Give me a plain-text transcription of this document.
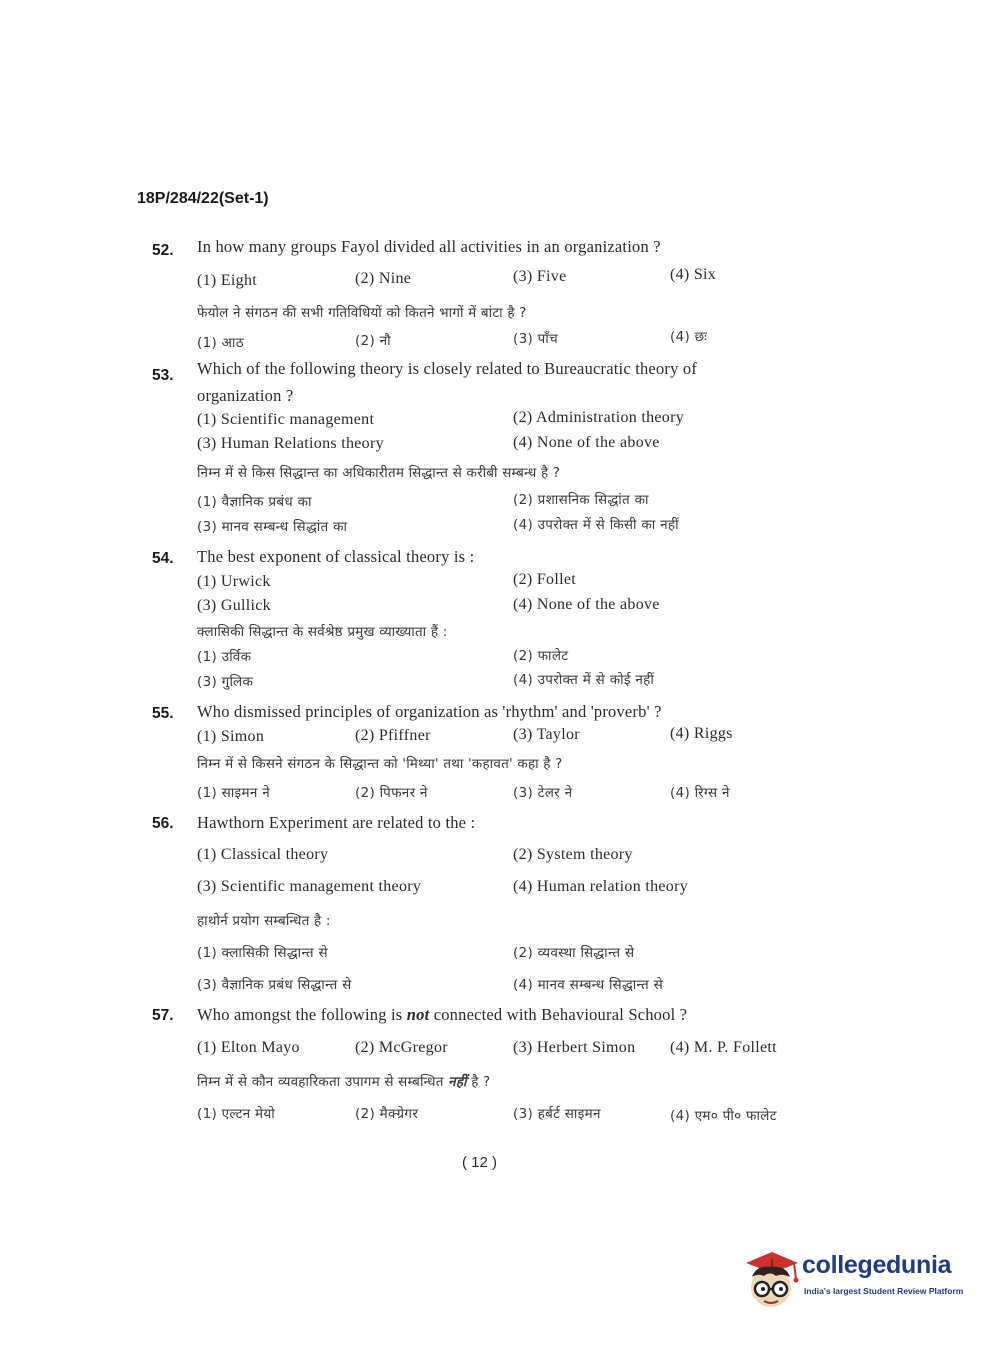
18P/284/22(Set-1)
52. In how many groups Fayol divided all activities in an organization ?
(1) Eight	(2) Nine	(3) Five	(4) Six
फेयोल ने संगठन की सभी गतिविधियों को कितने भागों में बांटा है ?
(1) आठ	(2) नौ	(3) पाँच	(4) छः
53. Which of the following theory is closely related to Bureaucratic theory of
organization ?
(1) Scientific management	(2) Administration theory
(3) Human Relations theory	(4) None of the above
निम्न में से किस सिद्धान्त का अधिकारीतम सिद्धान्त से करीबी सम्बन्ध है ?
(1) वैज्ञानिक प्रबंध का	(2) प्रशासनिक सिद्धांत का
(3) मानव सम्बन्ध सिद्धांत का	(4) उपरोक्त में से किसी का नहीं
54. The best exponent of classical theory is :
(1) Urwick	(2) Follet
(3) Gullick	(4) None of the above
क्लासिकी सिद्धान्त के सर्वश्रेष्ठ प्रमुख व्याख्याता हैं :
(1) उर्विक	(2) फालेट
(3) गुलिक	(4) उपरोक्त में से कोई नहीं
55. Who dismissed principles of organization as 'rhythm' and 'proverb' ?
(1) Simon	(2) Pfiffner	(3) Taylor	(4) Riggs
निम्न में से किसने संगठन के सिद्धान्त को 'मिथ्या' तथा 'कहावत' कहा है ?
(1) साइमन ने	(2) पिफनर ने	(3) टेलर ने	(4) रिग्स ने
56. Hawthorn Experiment are related to the :
(1) Classical theory	(2) System theory
(3) Scientific management theory	(4) Human relation theory
हाथोर्न प्रयोग सम्बन्धित है :
(1) क्लासिकी सिद्धान्त से	(2) व्यवस्था सिद्धान्त से
(3) वैज्ञानिक प्रबंध सिद्धान्त से	(4) मानव सम्बन्ध सिद्धान्त से
57. Who amongst the following is not connected with Behavioural School ?
(1) Elton Mayo	(2) McGregor	(3) Herbert Simon (4) M. P. Follett
निम्न में से कौन व्यवहारिकता उपागम से सम्बन्धित नहीं है ?
(1) एल्टन मेयो	(2) मैक्ग्रेगर	(3) हर्बर्ट साइमन	(4) एम० पी० फालेट
( 12 )
collegedunia
India's largest Student Review Platform
